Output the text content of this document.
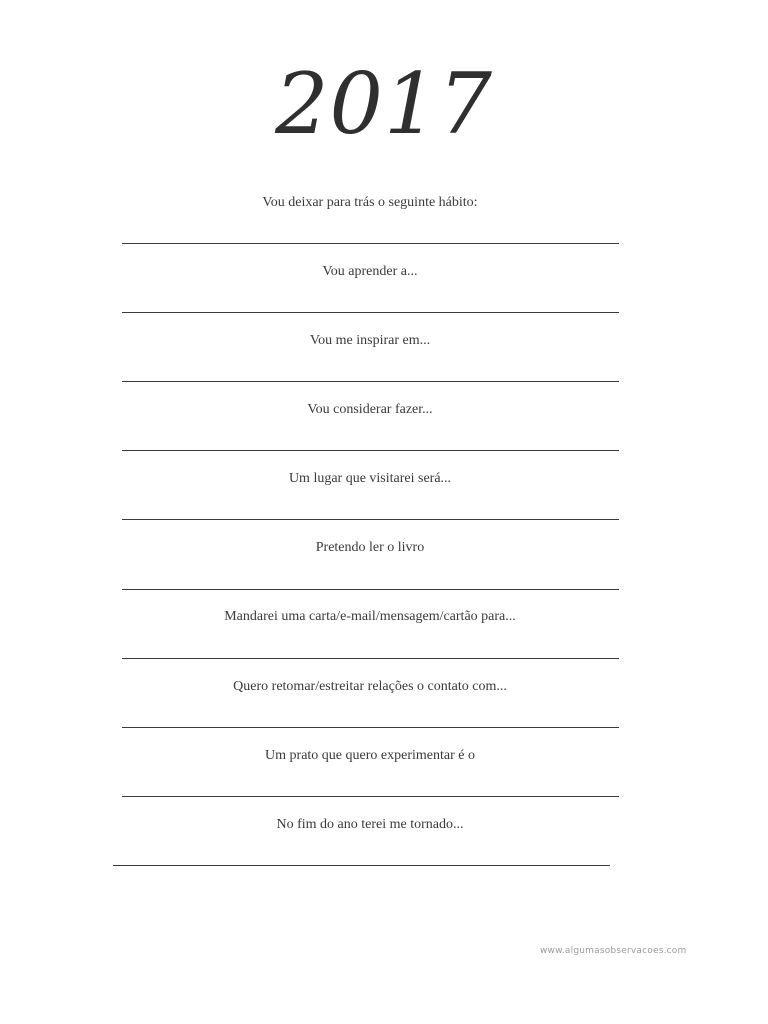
2017
Vou deixar para trás o seguinte hábito:
Vou aprender a...
Vou me inspirar em...
Vou considerar fazer...
Um lugar que visitarei será...
Pretendo ler o livro
Mandarei uma carta/e-mail/mensagem/cartão para...
Quero retomar/estreitar relações o contato com...
Um prato que quero experimentar é o
No fim do ano terei me tornado...
www.algumasobservacoes.com
